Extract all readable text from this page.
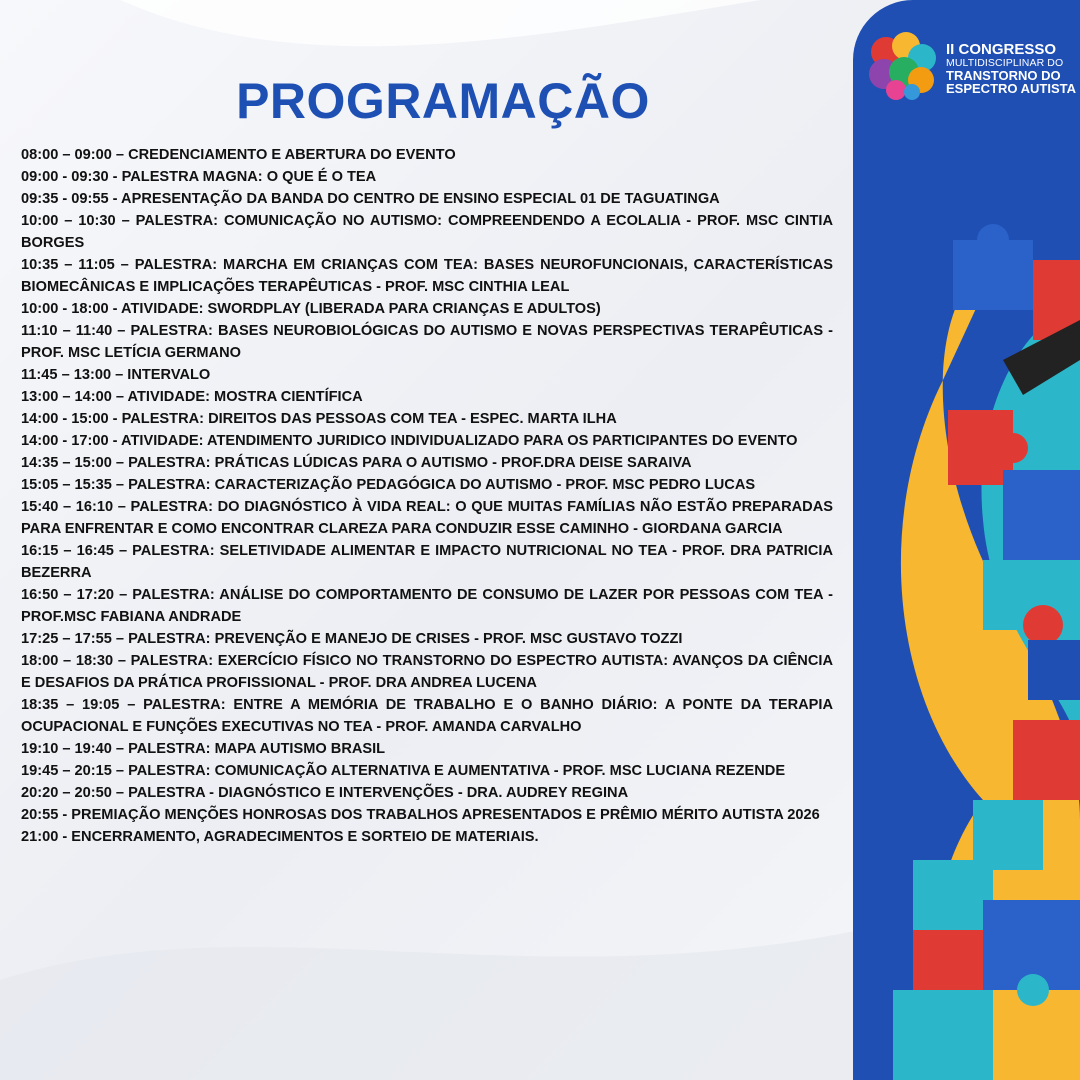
II CONGRESSO
MULTIDISCIPLINAR DO
TRANSTORNO DO
ESPECTRO AUTISTA
PROGRAMAÇÃO
08:00 – 09:00 – CREDENCIAMENTO E ABERTURA DO EVENTO
09:00 - 09:30 - PALESTRA MAGNA: O QUE É O TEA
09:35 - 09:55 - APRESENTAÇÃO DA BANDA DO CENTRO DE ENSINO ESPECIAL 01 DE TAGUATINGA
10:00 – 10:30 – PALESTRA: COMUNICAÇÃO NO AUTISMO: COMPREENDENDO A ECOLALIA - PROF. MSC CINTIA BORGES
10:35 – 11:05 – PALESTRA: MARCHA EM CRIANÇAS COM TEA: BASES NEUROFUNCIONAIS, CARACTERÍSTICAS BIOMECÂNICAS E IMPLICAÇÕES TERAPÊUTICAS - PROF. MSC CINTHIA LEAL
10:00 - 18:00 - ATIVIDADE: SWORDPLAY (LIBERADA PARA CRIANÇAS E ADULTOS)
11:10 – 11:40 – PALESTRA: BASES NEUROBIOLÓGICAS DO AUTISMO E NOVAS PERSPECTIVAS TERAPÊUTICAS - PROF. MSC LETÍCIA GERMANO
11:45 – 13:00 – INTERVALO
13:00 – 14:00 – ATIVIDADE: MOSTRA CIENTÍFICA
14:00 - 15:00 - PALESTRA: DIREITOS DAS PESSOAS COM TEA - ESPEC. MARTA ILHA
14:00 - 17:00 - ATIVIDADE: ATENDIMENTO JURIDICO INDIVIDUALIZADO PARA OS PARTICIPANTES DO EVENTO
14:35 – 15:00 – PALESTRA: PRÁTICAS LÚDICAS PARA O AUTISMO - PROF.DRA DEISE SARAIVA
15:05 – 15:35 – PALESTRA: CARACTERIZAÇÃO PEDAGÓGICA DO AUTISMO - PROF. MSC PEDRO LUCAS
15:40 – 16:10 – PALESTRA: DO DIAGNÓSTICO À VIDA REAL: O QUE MUITAS FAMÍLIAS NÃO ESTÃO PREPARADAS PARA ENFRENTAR E COMO ENCONTRAR CLAREZA PARA CONDUZIR ESSE CAMINHO - GIORDANA GARCIA
16:15 – 16:45 – PALESTRA: SELETIVIDADE ALIMENTAR E IMPACTO NUTRICIONAL NO TEA - PROF. DRA PATRICIA BEZERRA
16:50 – 17:20 – PALESTRA: ANÁLISE DO COMPORTAMENTO DE CONSUMO DE LAZER POR PESSOAS COM TEA - PROF.MSC FABIANA ANDRADE
17:25 – 17:55 – PALESTRA: PREVENÇÃO E MANEJO DE CRISES - PROF. MSC GUSTAVO TOZZI
18:00 – 18:30 – PALESTRA: EXERCÍCIO FÍSICO NO TRANSTORNO DO ESPECTRO AUTISTA: AVANÇOS DA CIÊNCIA E DESAFIOS DA PRÁTICA PROFISSIONAL - PROF. DRA ANDREA LUCENA
18:35 – 19:05 – PALESTRA: ENTRE A MEMÓRIA DE TRABALHO E O BANHO DIÁRIO: A PONTE DA TERAPIA OCUPACIONAL E FUNÇÕES EXECUTIVAS NO TEA - PROF. AMANDA CARVALHO
19:10 – 19:40 – PALESTRA: MAPA AUTISMO BRASIL
19:45 – 20:15 – PALESTRA: COMUNICAÇÃO ALTERNATIVA E AUMENTATIVA - PROF. MSC LUCIANA REZENDE
20:20 – 20:50 – PALESTRA - DIAGNÓSTICO E INTERVENÇÕES - DRA. AUDREY REGINA
20:55 - PREMIAÇÃO MENÇÕES HONROSAS DOS TRABALHOS APRESENTADOS E PRÊMIO MÉRITO AUTISTA 2026
21:00 - ENCERRAMENTO, AGRADECIMENTOS E SORTEIO DE MATERIAIS.
